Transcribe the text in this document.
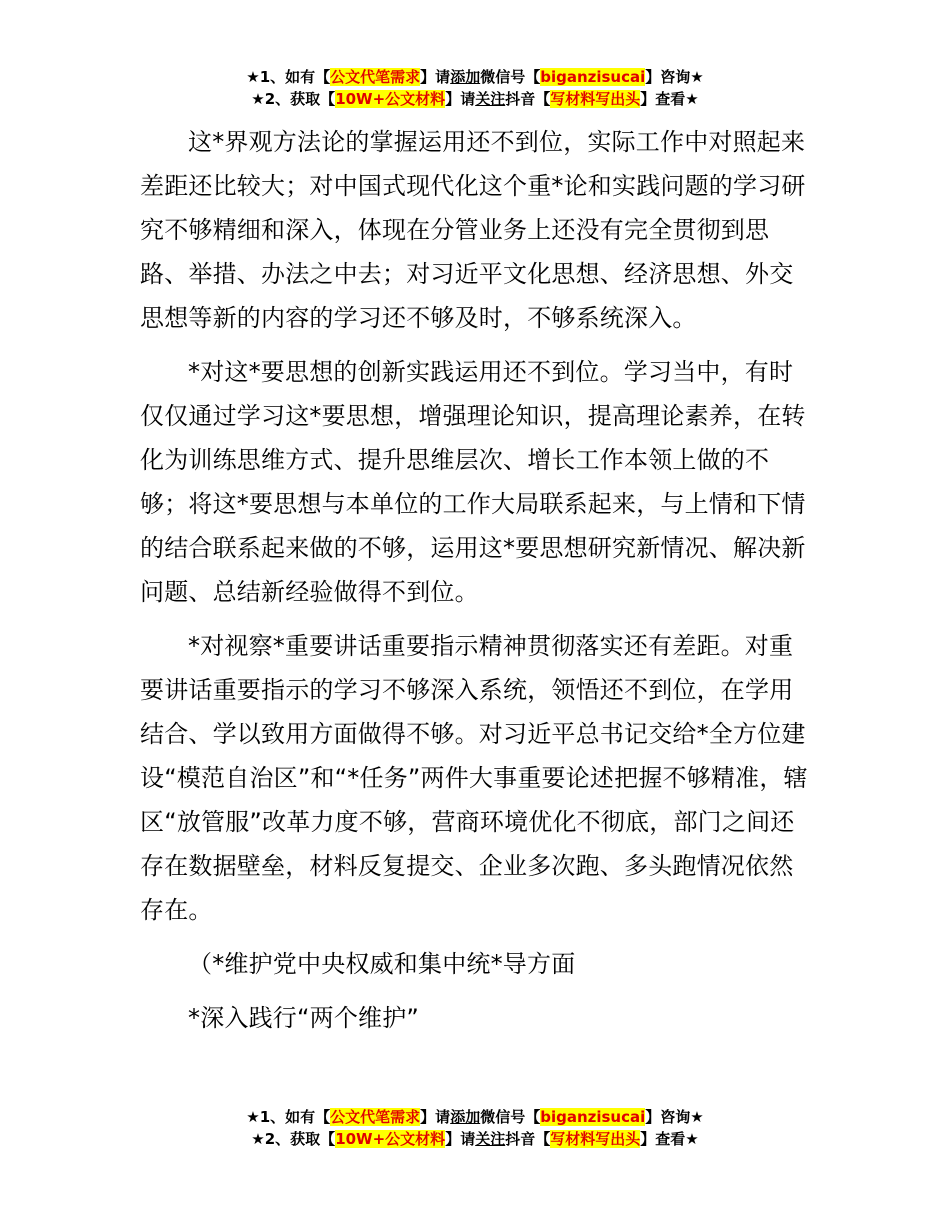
★1、如有【公文代笔需求】请添加微信号【biganzisucai】咨询★
★2、获取【10W+公文材料】请关注抖音【写材料写出头】查看★

这*界观方法论的掌握运用还不到位，实际工作中对照起来差距还比较大；对中国式现代化这个重*论和实践问题的学习研究不够精细和深入，体现在分管业务上还没有完全贯彻到思路、举措、办法之中去；对习近平文化思想、经济思想、外交思想等新的内容的学习还不够及时，不够系统深入。

*对这*要思想的创新实践运用还不到位。学习当中，有时仅仅通过学习这*要思想，增强理论知识，提高理论素养，在转化为训练思维方式、提升思维层次、增长工作本领上做的不够；将这*要思想与本单位的工作大局联系起来，与上情和下情的结合联系起来做的不够，运用这*要思想研究新情况、解决新问题、总结新经验做得不到位。

*对视察*重要讲话重要指示精神贯彻落实还有差距。对重要讲话重要指示的学习不够深入系统，领悟还不到位，在学用结合、学以致用方面做得不够。对习近平总书记交给*全方位建设“模范自治区”和“*任务”两件大事重要论述把握不够精准，辖区“放管服”改革力度不够，营商环境优化不彻底，部门之间还存在数据壁垒，材料反复提交、企业多次跑、多头跑情况依然存在。

（*维护党中央权威和集中统*导方面

*深入践行“两个维护”

★1、如有【公文代笔需求】请添加微信号【biganzisucai】咨询★
★2、获取【10W+公文材料】请关注抖音【写材料写出头】查看★
